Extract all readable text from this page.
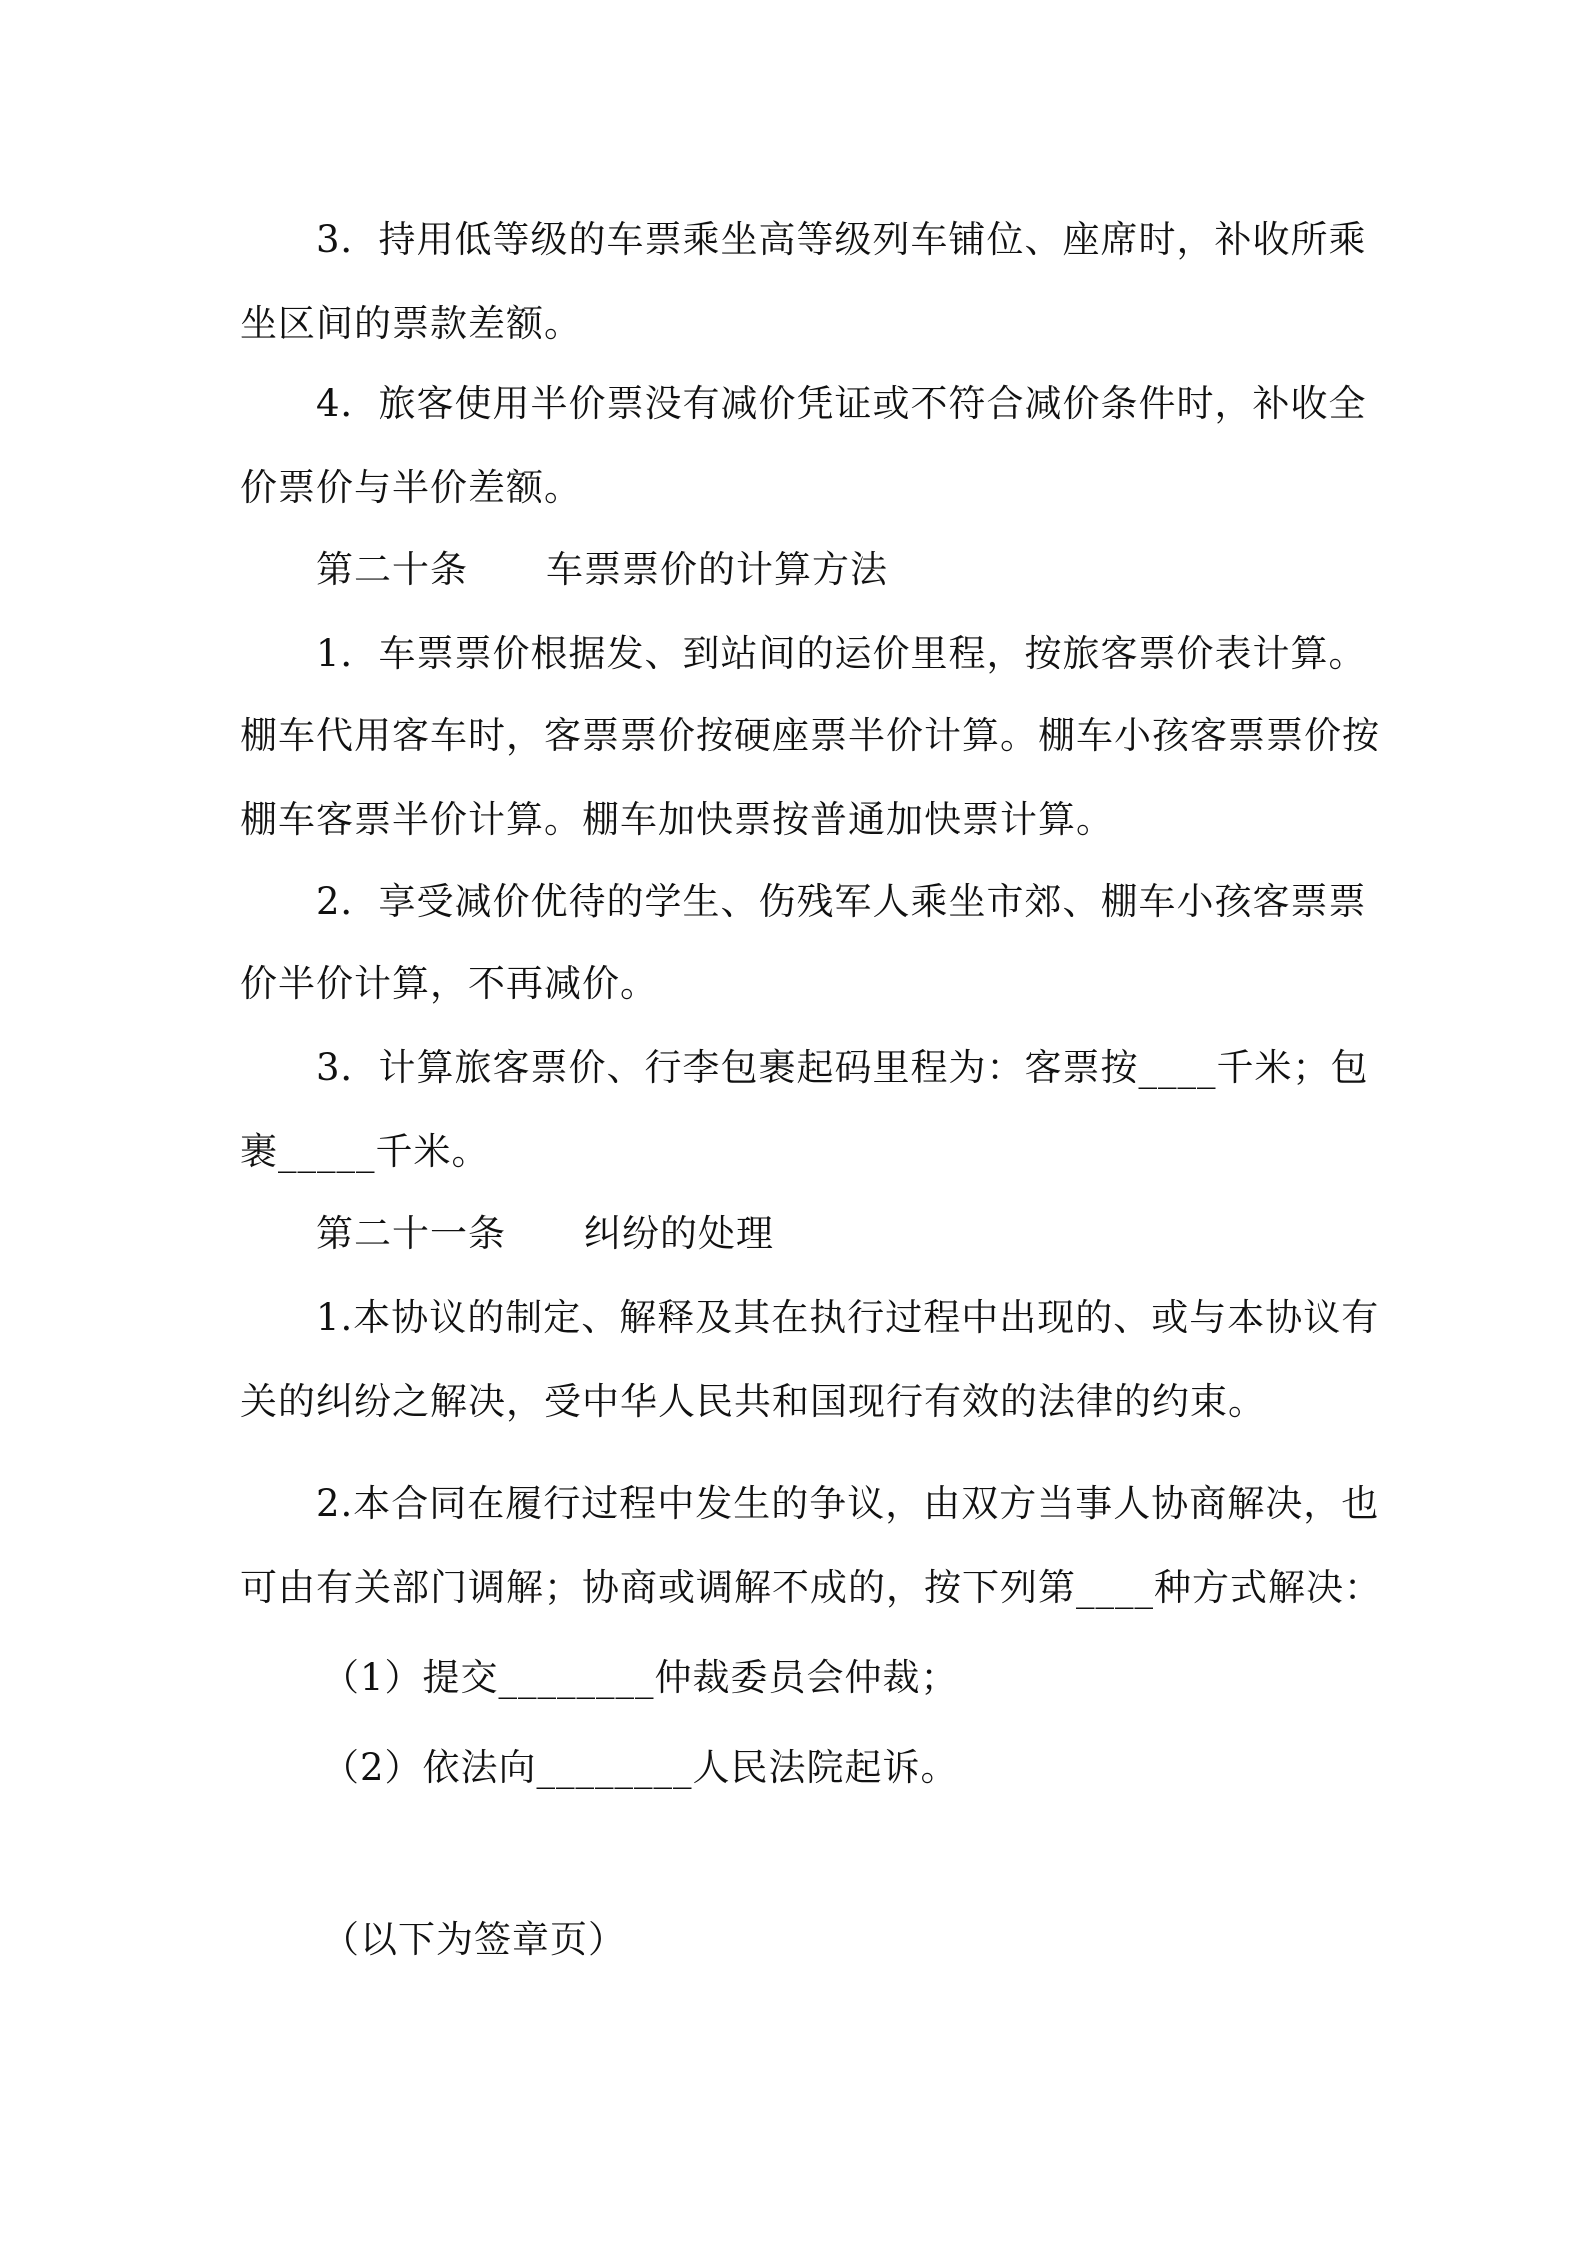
3．持用低等级的车票乘坐高等级列车铺位、座席时，补收所乘
坐区间的票款差额。
4．旅客使用半价票没有减价凭证或不符合减价条件时，补收全
价票价与半价差额。
第二十条 车票票价的计算方法
1．车票票价根据发、到站间的运价里程，按旅客票价表计算。
棚车代用客车时，客票票价按硬座票半价计算。棚车小孩客票票价按
棚车客票半价计算。棚车加快票按普通加快票计算。
2．享受减价优待的学生、伤残军人乘坐市郊、棚车小孩客票票
价半价计算，不再减价。
3．计算旅客票价、行李包裹起码里程为：客票按____千米；包
裹_____千米。
第二十一条 纠纷的处理
1.本协议的制定、解释及其在执行过程中出现的、或与本协议有
关的纠纷之解决，受中华人民共和国现行有效的法律的约束。
2.本合同在履行过程中发生的争议，由双方当事人协商解决，也
可由有关部门调解；协商或调解不成的，按下列第____种方式解决：
（1）提交________仲裁委员会仲裁；
（2）依法向________人民法院起诉。
（以下为签章页）
